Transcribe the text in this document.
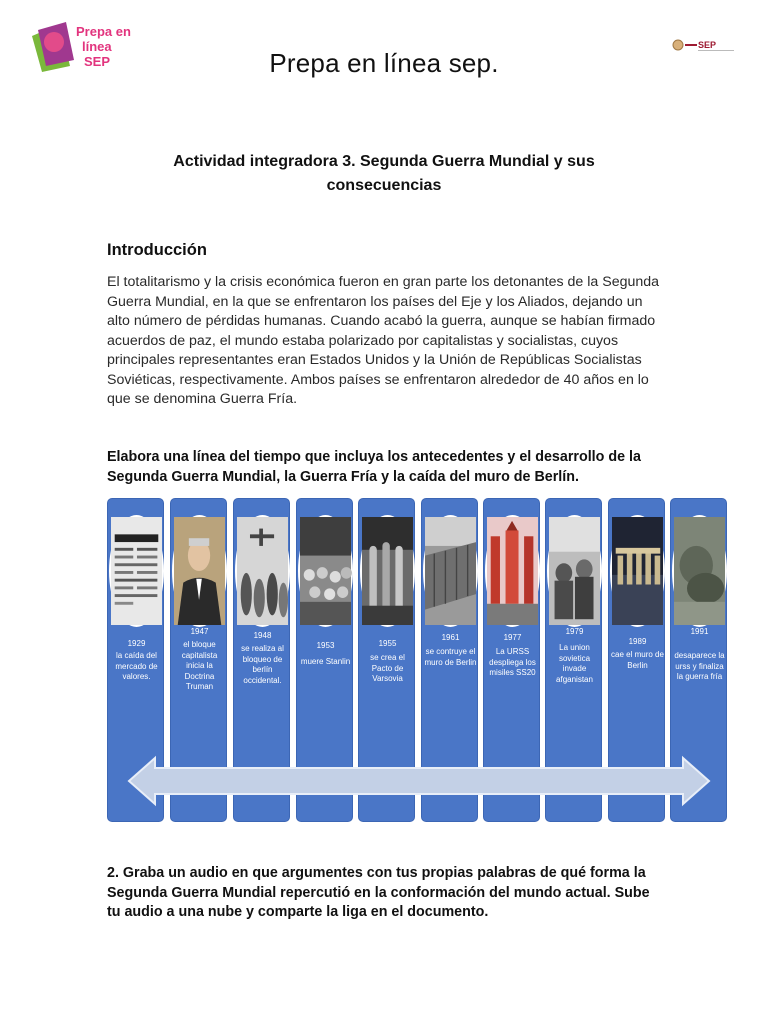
Prepa en
línea
SEP
SEP
Prepa en línea sep.
Actividad integradora 3. Segunda Guerra Mundial y sus consecuencias
Introducción
El totalitarismo y la crisis económica fueron en gran parte los detonantes de la Segunda Guerra Mundial, en la que se enfrentaron los países del Eje y los Aliados, dejando un alto número de pérdidas humanas. Cuando acabó la guerra, aunque se habían firmado acuerdos de paz, el mundo estaba polarizado por capitalistas y socialistas, cuyos principales representantes eran Estados Unidos y la Unión de Repúblicas Socialistas Soviéticas, respectivamente. Ambos países se enfrentaron alrededor de 40 años en lo que se denomina Guerra Fría.
Elabora una línea del tiempo que incluya los antecedentes y el desarrollo de la Segunda Guerra Mundial, la Guerra Fría y la caída del muro de Berlín.
1929
la caída del mercado de valores.
1947
el bloque capitalista inicia la Doctrina Truman
1948
se realiza al bloqueo de berlín occidental.
1953
muere Stanlin
1955
se crea el Pacto de Varsovia
1961
se contruye el muro de Berlin
1977
La URSS despliega los misiles SS20
1979
La union sovietica invade afganistan
1989
cae el muro de Berlin
1991
desaparece la urss y finaliza la guerra fría
2. Graba un audio en que argumentes con tus propias palabras de qué forma la Segunda Guerra Mundial repercutió en la conformación del mundo actual. Sube tu audio a una nube y comparte la liga en el documento.
